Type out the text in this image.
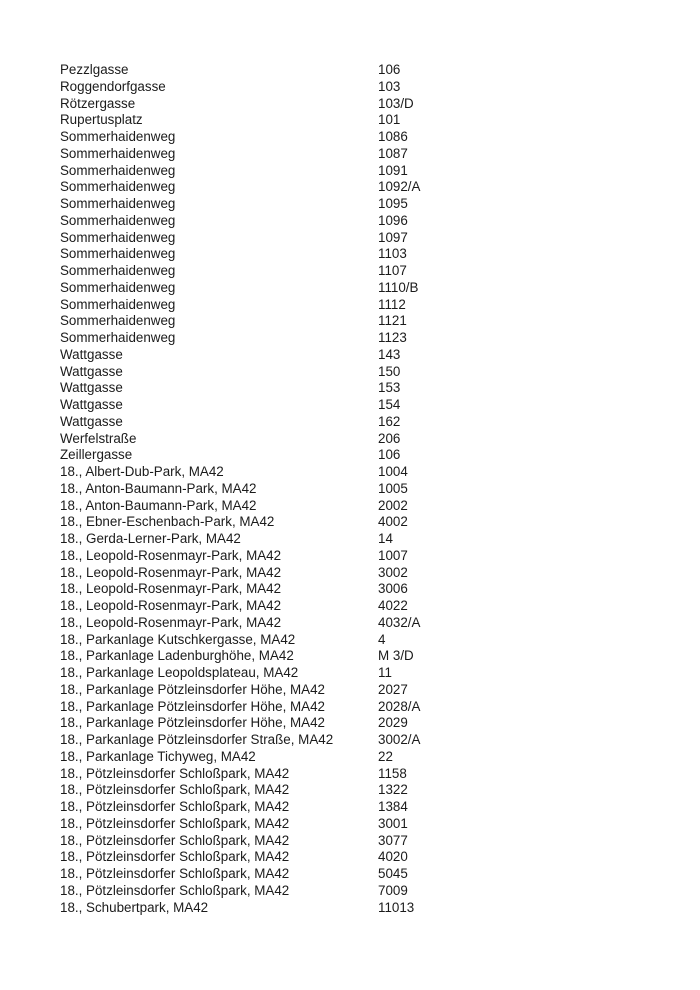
Pezzlgasse	106
Roggendorfgasse	103
Rötzergasse	103/D
Rupertusplatz	101
Sommerhaidenweg	1086
Sommerhaidenweg	1087
Sommerhaidenweg	1091
Sommerhaidenweg	1092/A
Sommerhaidenweg	1095
Sommerhaidenweg	1096
Sommerhaidenweg	1097
Sommerhaidenweg	1103
Sommerhaidenweg	1107
Sommerhaidenweg	1110/B
Sommerhaidenweg	1112
Sommerhaidenweg	1121
Sommerhaidenweg	1123
Wattgasse	143
Wattgasse	150
Wattgasse	153
Wattgasse	154
Wattgasse	162
Werfelstraße	206
Zeillergasse	106
18., Albert-Dub-Park, MA42	1004
18., Anton-Baumann-Park, MA42	1005
18., Anton-Baumann-Park, MA42	2002
18., Ebner-Eschenbach-Park, MA42	4002
18., Gerda-Lerner-Park, MA42	14
18., Leopold-Rosenmayr-Park, MA42	1007
18., Leopold-Rosenmayr-Park, MA42	3002
18., Leopold-Rosenmayr-Park, MA42	3006
18., Leopold-Rosenmayr-Park, MA42	4022
18., Leopold-Rosenmayr-Park, MA42	4032/A
18., Parkanlage Kutschkergasse, MA42	4
18., Parkanlage Ladenburghöhe, MA42	M 3/D
18., Parkanlage Leopoldsplateau, MA42	11
18., Parkanlage Pötzleinsdorfer Höhe, MA42	2027
18., Parkanlage Pötzleinsdorfer Höhe, MA42	2028/A
18., Parkanlage Pötzleinsdorfer Höhe, MA42	2029
18., Parkanlage Pötzleinsdorfer Straße, MA42	3002/A
18., Parkanlage Tichyweg, MA42	22
18., Pötzleinsdorfer Schloßpark, MA42	1158
18., Pötzleinsdorfer Schloßpark, MA42	1322
18., Pötzleinsdorfer Schloßpark, MA42	1384
18., Pötzleinsdorfer Schloßpark, MA42	3001
18., Pötzleinsdorfer Schloßpark, MA42	3077
18., Pötzleinsdorfer Schloßpark, MA42	4020
18., Pötzleinsdorfer Schloßpark, MA42	5045
18., Pötzleinsdorfer Schloßpark, MA42	7009
18., Schubertpark, MA42	11013
